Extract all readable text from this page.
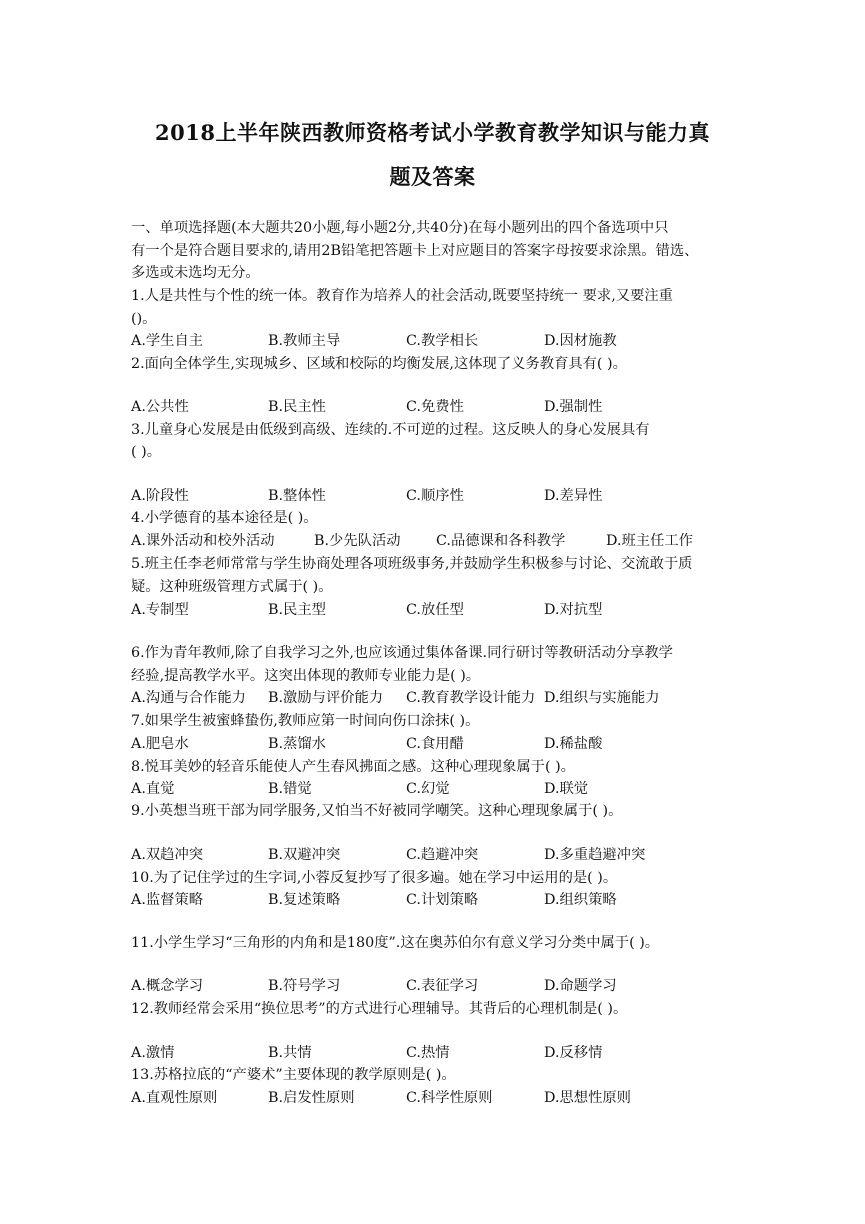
2018上半年陕西教师资格考试小学教育教学知识与能力真
题及答案
一、单项选择题(本大题共20小题,每小题2分,共40分)在每小题列出的四个备选项中只
有一个是符合题目要求的,请用2B铅笔把答题卡上对应题目的答案字母按要求涂黑。错选、
多选或未选均无分。
1.人是共性与个性的统一体。教育作为培养人的社会活动,既要坚持统一 要求,又要注重
()。
A.学生自主	B.教师主导	C.教学相长	D.因材施教
2.面向全体学生,实现城乡、区域和校际的均衡发展,这体现了义务教育具有( )。
A.公共性	B.民主性	C.免费性	D.强制性
3.儿童身心发展是由低级到高级、连续的.不可逆的过程。这反映人的身心发展具有
( )。
A.阶段性	B.整体性	C.顺序性	D.差异性
4.小学德育的基本途径是( )。
A.课外活动和校外活动	B.少先队活动 C.品德课和各科教学	D.班主任工作
5.班主任李老师常常与学生协商处理各项班级事务,并鼓励学生积极参与讨论、交流敢于质
疑。这种班级管理方式属于( )。
A.专制型	B.民主型	C.放任型	D.对抗型
6.作为青年教师,除了自我学习之外,也应该通过集体备课.同行研讨等教研活动分享教学
经验,提高教学水平。这突出体现的教师专业能力是( )。
A.沟通与合作能力 B.激励与评价能力 C.教育教学设计能力 D.组织与实施能力
7.如果学生被蜜蜂蛰伤,教师应第一时间向伤口涂抹( )。
A.肥皂水	B.蒸馏水	C.食用醋	D.稀盐酸
8.悦耳美妙的轻音乐能使人产生春风拂面之感。这种心理现象属于( )。
A.直觉	B.错觉	C.幻觉	D.联觉
9.小英想当班干部为同学服务,又怕当不好被同学嘲笑。这种心理现象属于( )。
A.双趋冲突	B.双避冲突	C.趋避冲突	D.多重趋避冲突
10.为了记住学过的生字词,小蓉反复抄写了很多遍。她在学习中运用的是( )。
A.监督策略	B.复述策略	C.计划策略	D.组织策略
11.小学生学习“三角形的内角和是180度”.这在奥苏伯尔有意义学习分类中属于( )。
A.概念学习	B.符号学习	C.表征学习	D.命题学习
12.教师经常会采用“换位思考”的方式进行心理辅导。其背后的心理机制是( )。
A.激情	B.共情	C.热情	D.反移情
13.苏格拉底的“产婆术”主要体现的教学原则是( )。
A.直观性原则	B.启发性原则	C.科学性原则	D.思想性原则
